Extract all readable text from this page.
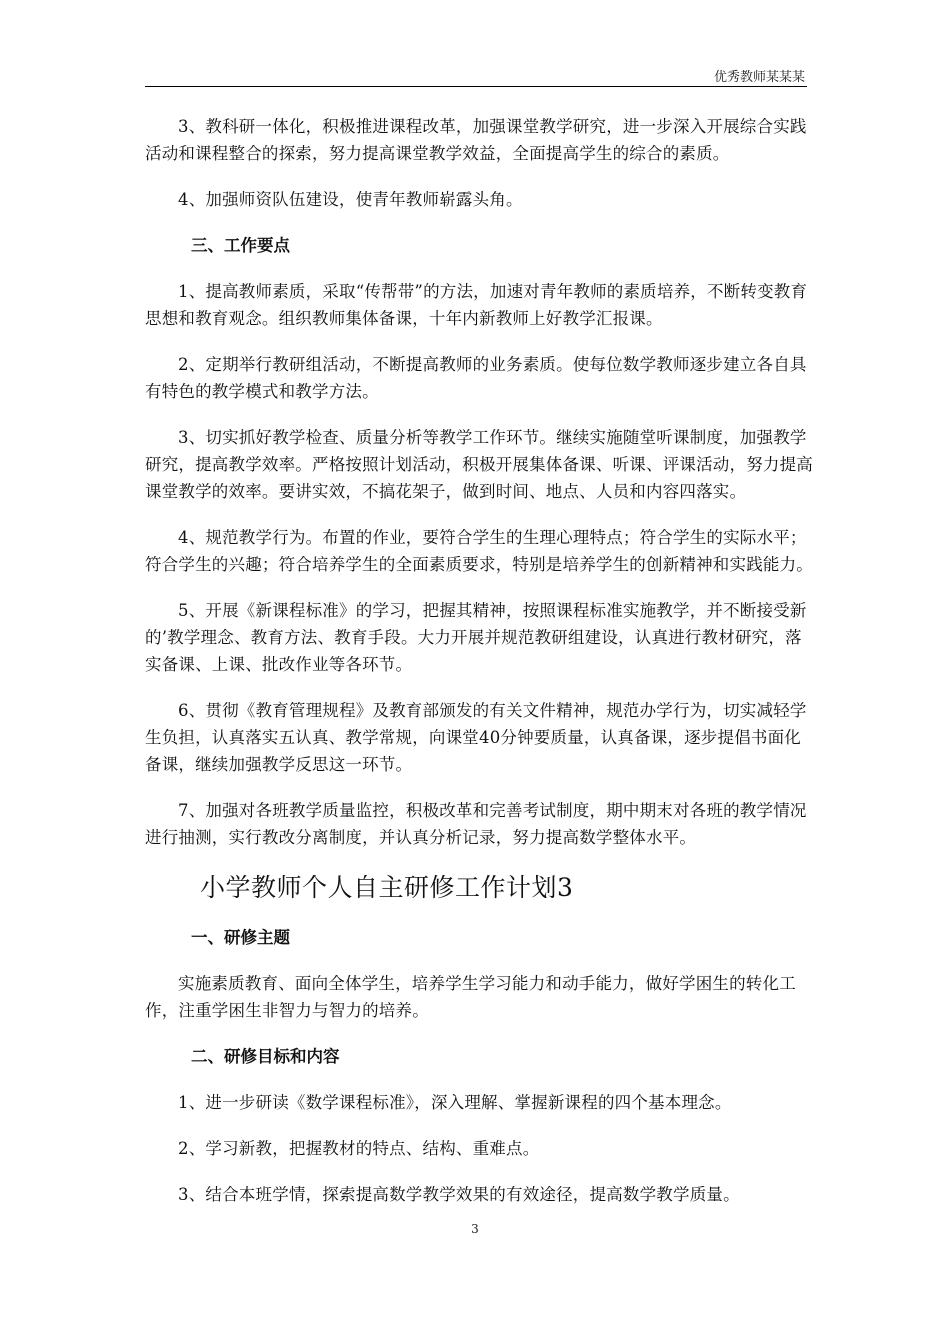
优秀教师某某某

3、教科研一体化，积极推进课程改革，加强课堂教学研究，进一步深入开展综合实践活动和课程整合的探索，努力提高课堂教学效益，全面提高学生的综合的素质。

4、加强师资队伍建设，使青年教师崭露头角。

三、工作要点

1、提高教师素质，采取“传帮带”的方法，加速对青年教师的素质培养，不断转变教育思想和教育观念。组织教师集体备课，十年内新教师上好教学汇报课。

2、定期举行教研组活动，不断提高教师的业务素质。使每位数学教师逐步建立各自具有特色的教学模式和教学方法。

3、切实抓好教学检查、质量分析等教学工作环节。继续实施随堂听课制度，加强教学研究，提高教学效率。严格按照计划活动，积极开展集体备课、听课、评课活动，努力提高课堂教学的效率。要讲实效，不搞花架子，做到时间、地点、人员和内容四落实。

4、规范教学行为。布置的作业，要符合学生的生理心理特点；符合学生的实际水平；符合学生的兴趣；符合培养学生的全面素质要求，特别是培养学生的创新精神和实践能力。

5、开展《新课程标准》的学习，把握其精神，按照课程标准实施教学，并不断接受新的’教学理念、教育方法、教育手段。大力开展并规范教研组建设，认真进行教材研究，落实备课、上课、批改作业等各环节。

6、贯彻《教育管理规程》及教育部颁发的有关文件精神，规范办学行为，切实减轻学生负担，认真落实五认真、教学常规，向课堂40分钟要质量，认真备课，逐步提倡书面化备课，继续加强教学反思这一环节。

7、加强对各班教学质量监控，积极改革和完善考试制度，期中期末对各班的教学情况进行抽测，实行教改分离制度，并认真分析记录，努力提高数学整体水平。

小学教师个人自主研修工作计划3
一、研修主题

实施素质教育、面向全体学生，培养学生学习能力和动手能力，做好学困生的转化工作，注重学困生非智力与智力的培养。

二、研修目标和内容

1、进一步研读《数学课程标准》，深入理解、掌握新课程的四个基本理念。

2、学习新教，把握教材的特点、结构、重难点。

3、结合本班学情，探索提高数学教学效果的有效途径，提高数学教学质量。

3
